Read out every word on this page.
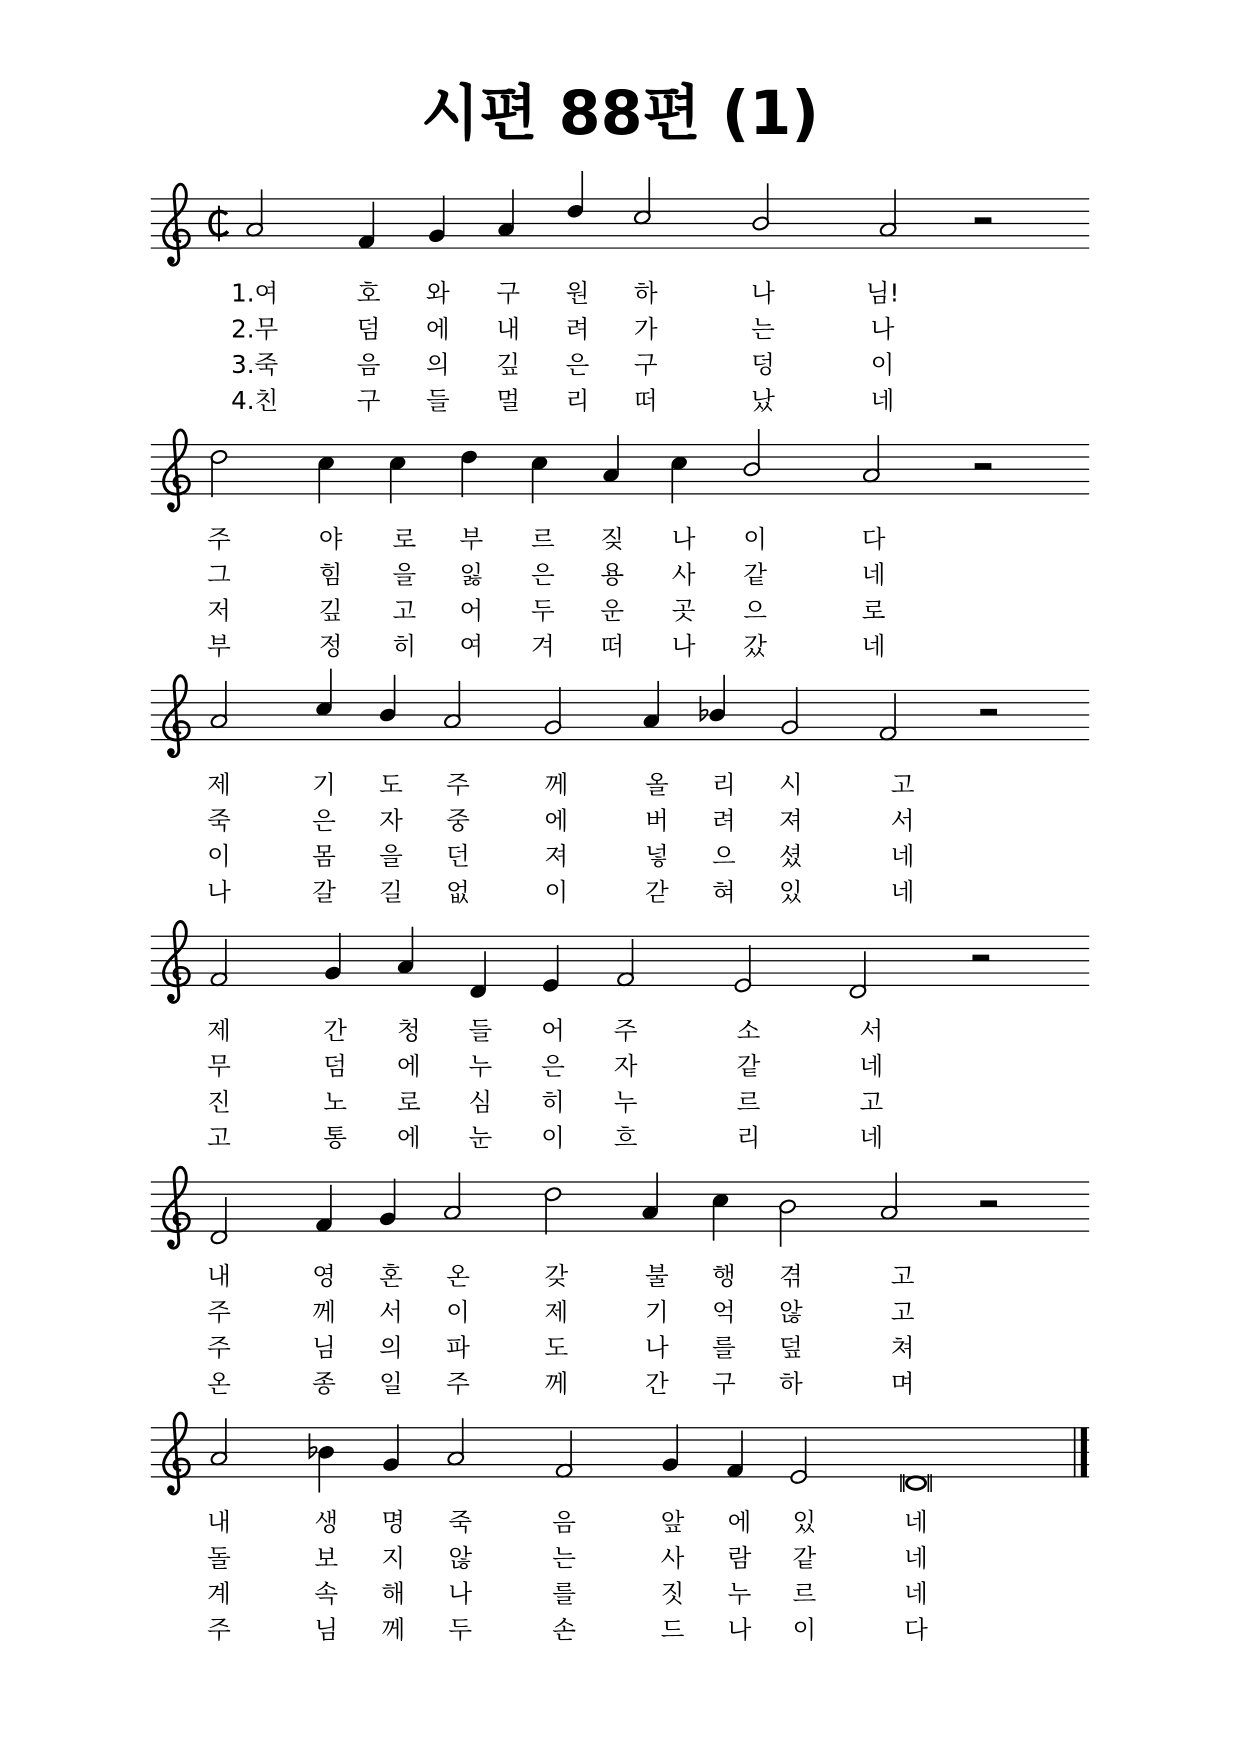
시편 88편 (1)
1.여	호 와 구 원 하	나	님!
2.무	덤 에 내 려 가	는	나
3.죽	음 의 깊 은 구	덩	이
4.친	구 들 멀 리 떠	났	네
주	야 로 부 르 짖 나 이	다
그	힘 을 잃 은 용 사 같	네
저	깊 고 어 두 운 곳 으	로
부	정 히 여 겨 떠 나 갔	네
제	기 도 주	께	올 리 시	고
죽	은 자 중	에	버 려 져	서
이	몸 을 던	져	넣 으 셨	네
나	갈 길 없	이	갇 혀 있	네
제	간 청 들 어 주	소	서
무	덤 에 누 은 자	같	네
진	노 로 심 히 누	르	고
고	통 에 눈 이 흐	리	네
내	영 혼 온	갖	불 행 겪	고
주	께 서 이	제	기 억 않	고
주	님 의 파	도	나 를 덮	쳐
온	종 일 주	께	간 구 하	며
내	생 명 죽	음	앞 에 있	네
돌	보 지 않	는	사 람 같	네
계	속 해 나	를	짓 누 르	네
주	님 께 두	손	드 나 이	다
